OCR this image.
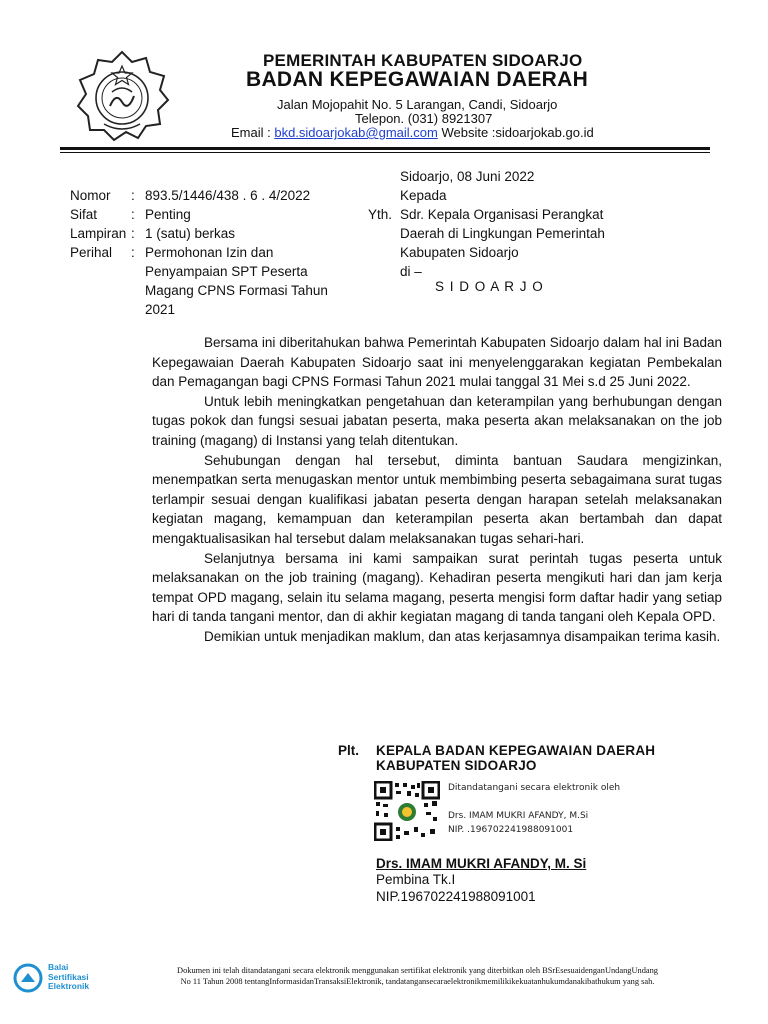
PEMERINTAH KABUPATEN SIDOARJO
BADAN KEPEGAWAIAN DAERAH
Jalan Mojopahit No. 5 Larangan, Candi, Sidoarjo
Telepon. (031) 8921307
Email : bkd.sidoarjokab@gmail.com Website :sidoarjokab.go.id
Sidoarjo, 08 Juni 2022
Kepada
Yth. Sdr. Kepala Organisasi Perangkat
Daerah di Lingkungan Pemerintah
Kabupaten Sidoarjo
di –
S I D O A R J O
Nomor	: 893.5/1446/438 . 6 . 4/2022
Sifat	: Penting
Lampiran : 1 (satu) berkas
Perihal	: Permohonan Izin dan
Penyampaian SPT Peserta
Magang CPNS Formasi Tahun
2021

Bersama ini diberitahukan bahwa Pemerintah Kabupaten Sidoarjo dalam hal ini Badan Kepegawaian Daerah Kabupaten Sidoarjo saat ini menyelenggarakan kegiatan Pembekalan dan Pemagangan bagi CPNS Formasi Tahun 2021 mulai tanggal 31 Mei s.d 25 Juni 2022.

Untuk lebih meningkatkan pengetahuan dan keterampilan yang berhubungan dengan tugas pokok dan fungsi sesuai jabatan peserta, maka peserta akan melaksanakan on the job training (magang) di Instansi yang telah ditentukan.

Sehubungan dengan hal tersebut, diminta bantuan Saudara mengizinkan, menempatkan serta menugaskan mentor untuk membimbing peserta sebagaimana surat tugas terlampir sesuai dengan kualifikasi jabatan peserta dengan harapan setelah melaksanakan kegiatan magang, kemampuan dan keterampilan peserta akan bertambah dan dapat mengaktualisasikan hal tersebut dalam melaksanakan tugas sehari-hari.

Selanjutnya bersama ini kami sampaikan surat perintah tugas peserta untuk melaksanakan on the job training (magang). Kehadiran peserta mengikuti hari dan jam kerja tempat OPD magang, selain itu selama magang, peserta mengisi form daftar hadir yang setiap hari di tanda tangani mentor, dan di akhir kegiatan magang di tanda tangani oleh Kepala OPD.

Demikian untuk menjadikan maklum, dan atas kerjasamnya disampaikan terima kasih.

Plt. KEPALA BADAN KEPEGAWAIAN DAERAH
KABUPATEN SIDOARJO
Ditandatangani secara elektronik oleh
Drs. IMAM MUKRI AFANDY, M.Si
NIP. .196702241988091001
Drs. IMAM MUKRI AFANDY, M. Si
Pembina Tk.I
NIP.196702241988091001
Balai
Sertifikasi
Elektronik
Dokumen ini telah ditandatangani secara elektronik menggunakan sertifikat elektronik yang diterbitkan oleh BSrEsesuaidenganUndangUndang
No 11 Tahun 2008 tentangInformasidanTransaksiElektronik, tandatangansecaraelektronikmemilikikekuatanhukumdanakibathukum yang sah.
